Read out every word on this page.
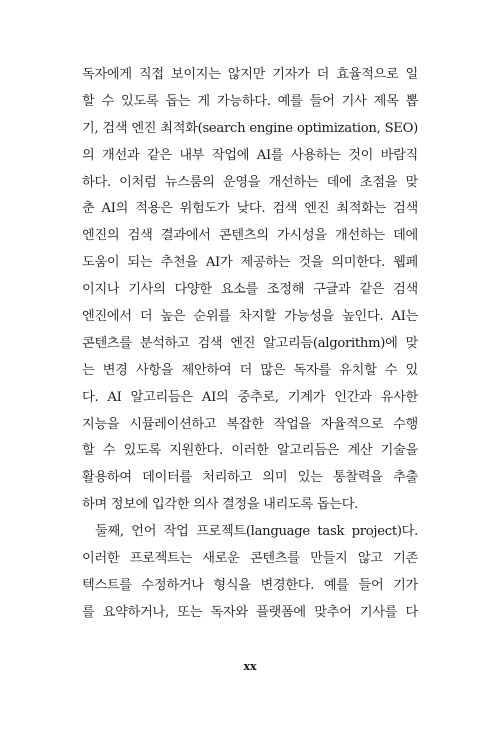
독자에게 직접 보이지는 않지만 기자가 더 효율적으로 일
할 수 있도록 돕는 게 가능하다. 예를 들어 기사 제목 뽑
기, 검색 엔진 최적화(search engine optimization, SEO)
의 개선과 같은 내부 작업에 AI를 사용하는 것이 바람직
하다. 이처럼 뉴스룸의 운영을 개선하는 데에 초점을 맞
춘 AI의 적용은 위험도가 낮다. 검색 엔진 최적화는 검색
엔진의 검색 결과에서 콘텐츠의 가시성을 개선하는 데에
도움이 되는 추천을 AI가 제공하는 것을 의미한다. 웹페
이지나 기사의 다양한 요소를 조정해 구글과 같은 검색
엔진에서 더 높은 순위를 차지할 가능성을 높인다. AI는
콘텐츠를 분석하고 검색 엔진 알고리듬(algorithm)에 맞
는 변경 사항을 제안하여 더 많은 독자를 유치할 수 있
다. AI 알고리듬은 AI의 중추로, 기계가 인간과 유사한
지능을 시뮬레이션하고 복잡한 작업을 자율적으로 수행
할 수 있도록 지원한다. 이러한 알고리듬은 계산 기술을
활용하여 데이터를 처리하고 의미 있는 통찰력을 추출
하며 정보에 입각한 의사 결정을 내리도록 돕는다.
둘째, 언어 작업 프로젝트(language task project)다.
이러한 프로젝트는 새로운 콘텐츠를 만들지 않고 기존
텍스트를 수정하거나 형식을 변경한다. 예를 들어 기가
를 요약하거나, 또는 독자와 플랫폼에 맞추어 기사를 다
xx
